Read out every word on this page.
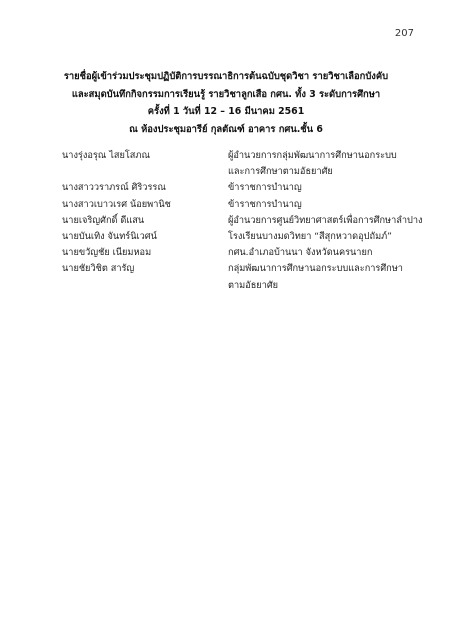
207
รายชื่อผู้เข้าร่วมประชุมปฏิบัติการบรรณาธิการต้นฉบับชุดวิชา รายวิชาเลือกบังคับ
และสมุดบันทึกกิจกรรมการเรียนรู้ รายวิชาลูกเสือ กศน. ทั้ง 3 ระดับการศึกษา
ครั้งที่ 1 วันที่ 12 – 16 มีนาคม 2561
ณ ห้องประชุมอารีย์ กุลตัณฑ์ อาคาร กศน.ชั้น 6
นางรุ่งอรุณ ไสยโสภณ	ผู้อำนวยการกลุ่มพัฒนาการศึกษานอกระบบ
และการศึกษาตามอัธยาศัย
นางสาววราภรณ์ ศิริวรรณ	ข้าราชการบำนาญ
นางสาวเบาวเรศ น้อยพานิช	ข้าราชการบำนาญ
นายเจริญศักดิ์ ดีแสน	ผู้อำนวยการศูนย์วิทยาศาสตร์เพื่อการศึกษาลำปาง
นายบันเทิง จันทร์นิเวศน์	โรงเรียนบางมดวิทยา “สีสุกหวาดอุปถัมภ์”
นายขวัญชัย เนียมหอม	กศน.อำเภอบ้านนา จังหวัดนครนายก
นายชัยวิชิต สารัญ	กลุ่มพัฒนาการศึกษานอกระบบและการศึกษา
ตามอัธยาศัย
